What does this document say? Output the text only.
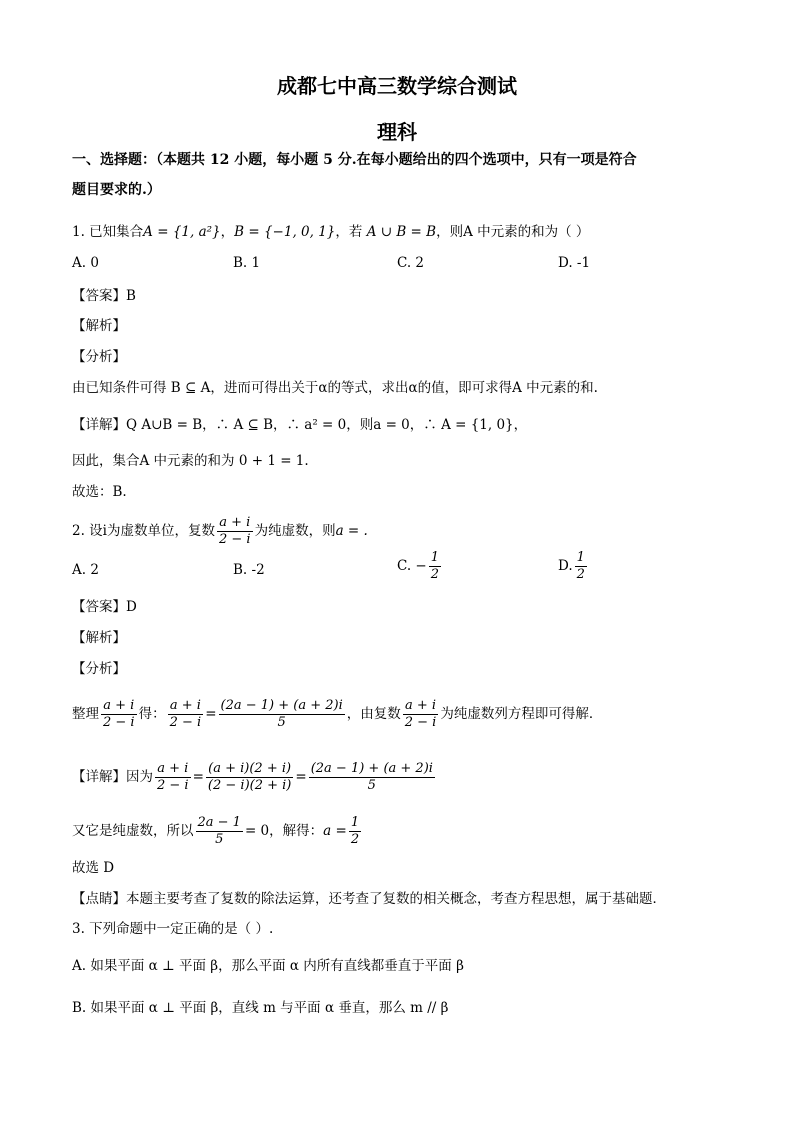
成都七中高三数学综合测试
理科
一、选择题：（本题共 12 小题，每小题 5 分.在每小题给出的四个选项中，只有一项是符合
题目要求的.）
1. 已知集合A = {1, a²}，B = {−1, 0, 1}，若 A ∪ B = B，则A 中元素的和为（ ）
A. 0	B. 1	C. 2	D. -1
【答案】B
【解析】
【分析】
由已知条件可得 B ⊆ A，进而可得出关于α的等式，求出α的值，即可求得A 中元素的和.
【详解】Q A∪B = B，∴ A ⊆ B，∴ a² = 0，则a = 0，∴ A = {1, 0}，
因此，集合A 中元素的和为 0 + 1 = 1.
故选：B.
2. 设i为虚数单位，复数 $\frac{a + i}{2 - i}$ 为纯虚数，则a = .
A. 2	B. -2	C. − $\frac{1}{2}$	D. $\frac{1}{2}$
【答案】D
【解析】
【分析】
整理 $\frac{a + i}{2 - i}$ 得： $\frac{a + i}{2 - i} = \frac{(2a - 1) + (a + 2)i}{5}$ ，由复数 $\frac{a + i}{2 - i}$ 为纯虚数列方程即可得解．
【详解】因为 $\frac{a + i}{2 - i} = \frac{(a + i)(2 + i)}{(2 - i)(2 + i)} = \frac{(2a - 1) + (a + 2)i}{5}$
又它是纯虚数，所以 $\frac{2a - 1}{5} = 0$，解得：$a = \frac{1}{2}$
故选 D
【点睛】本题主要考查了复数的除法运算，还考查了复数的相关概念，考查方程思想，属于基础题．
3. 下列命题中一定正确的是（ ）.
A. 如果平面 α ⊥ 平面 β，那么平面 α 内所有直线都垂直于平面 β
B. 如果平面 α ⊥ 平面 β，直线 m 与平面 α 垂直，那么 m // β
